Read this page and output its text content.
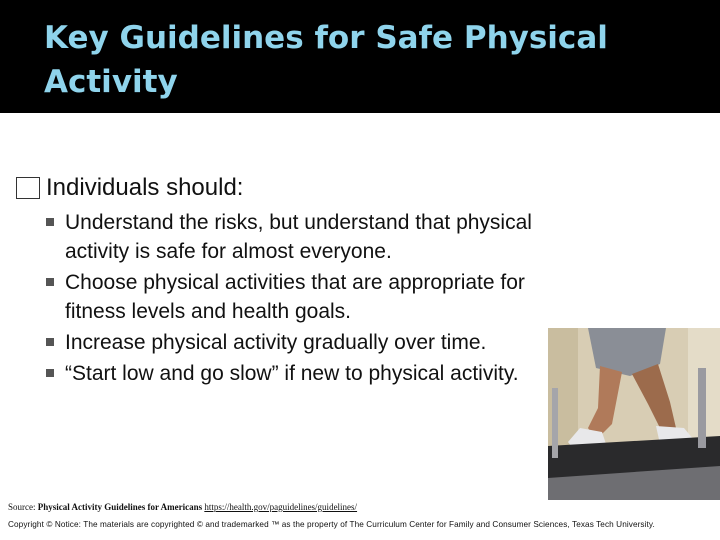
Key Guidelines for Safe Physical Activity
Individuals should:
Understand the risks, but understand that physical activity is safe for almost everyone.
Choose physical activities that are appropriate for fitness levels and health goals.
Increase physical activity gradually over time.
“Start low and go slow” if new to physical activity.
Source: Physical Activity Guidelines for Americans https://health.gov/paguidelines/guidelines/
Copyright © Notice: The materials are copyrighted © and trademarked ™ as the property of The Curriculum Center for Family and Consumer Sciences, Texas Tech University.
